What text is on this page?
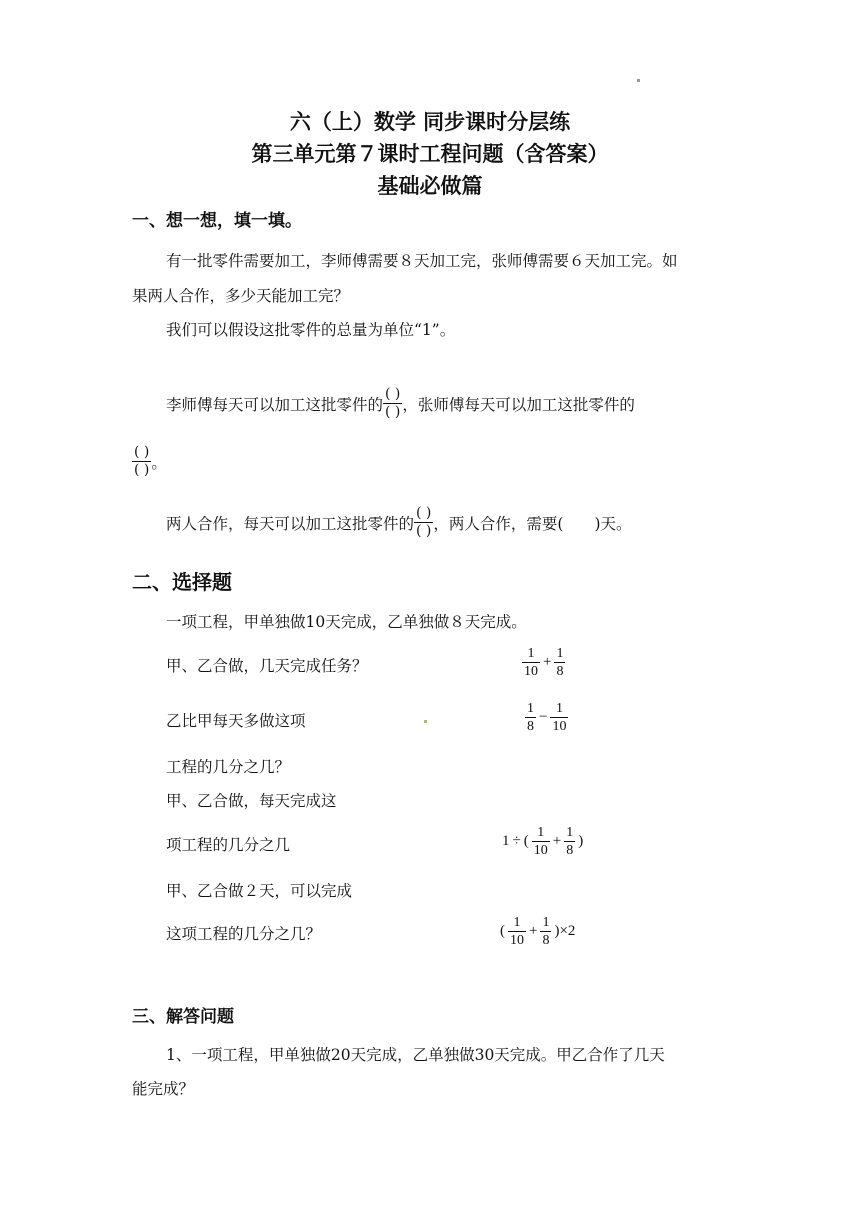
六（上）数学 同步课时分层练
第三单元第７课时工程问题（含答案）
基础必做篇
一、想一想，填一填。
有一批零件需要加工，李师傅需要８天加工完，张师傅需要６天加工完。如
果两人合作，多少天能加工完？
我们可以假设这批零件的总量为单位“1”。
李师傅每天可以加工这批零件的 $\frac{( )}{( )}$ ，张师傅每天可以加工这批零件的
$\frac{( )}{( )}$ 。
两人合作，每天可以加工这批零件的 $\frac{( )}{( )}$ ，两人合作，需要(　　)天。
二、选择题
一项工程，甲单独做10天完成，乙单独做８天完成。
甲、乙合做，几天完成任务？	$\frac{1}{10} + \frac{1}{8}$
乙比甲每天多做这项	$\frac{1}{8} - \frac{1}{10}$
工程的几分之几？
甲、乙合做，每天完成这
项工程的几分之几	1 ÷ ( $\frac{1}{10} + \frac{1}{8}$ )
甲、乙合做２天，可以完成
这项工程的几分之几？	( $\frac{1}{10} + \frac{1}{8} )\times 2$
三、解答问题
1、一项工程，甲单独做20天完成，乙单独做30天完成。甲乙合作了几天
能完成？
